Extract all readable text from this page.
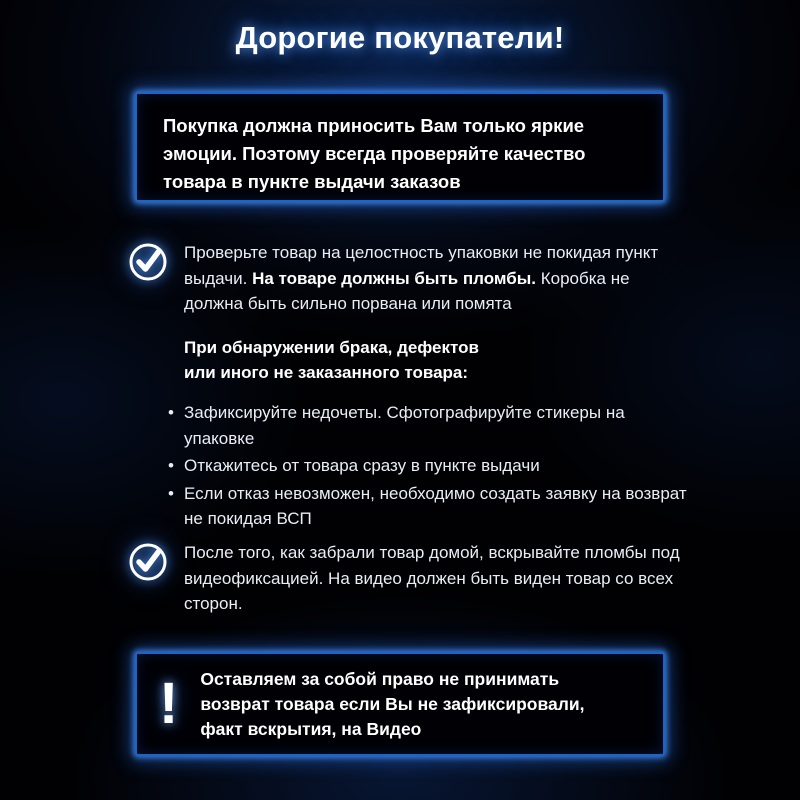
Дорогие покупатели!
Покупка должна приносить Вам только яркие
эмоции. Поэтому всегда проверяйте качество
товара в пункте выдачи заказов
Проверьте товар на целостность упаковки не покидая пункт выдачи. На товаре должны быть пломбы. Коробка не должна быть сильно порвана или помята
При обнаружении брака, дефектов
или иного не заказанного товара:
• Зафиксируйте недочеты. Сфотографируйте стикеры на упаковке
• Откажитесь от товара сразу в пункте выдачи
• Если отказ невозможен, необходимо создать заявку на возврат не покидая ВСП
После того, как забрали товар домой, вскрывайте пломбы под видеофиксацией. На видео должен быть виден товар со всех сторон.
! Оставляем за собой право не принимать
возврат товара если Вы не зафиксировали,
факт вскрытия, на Видео
